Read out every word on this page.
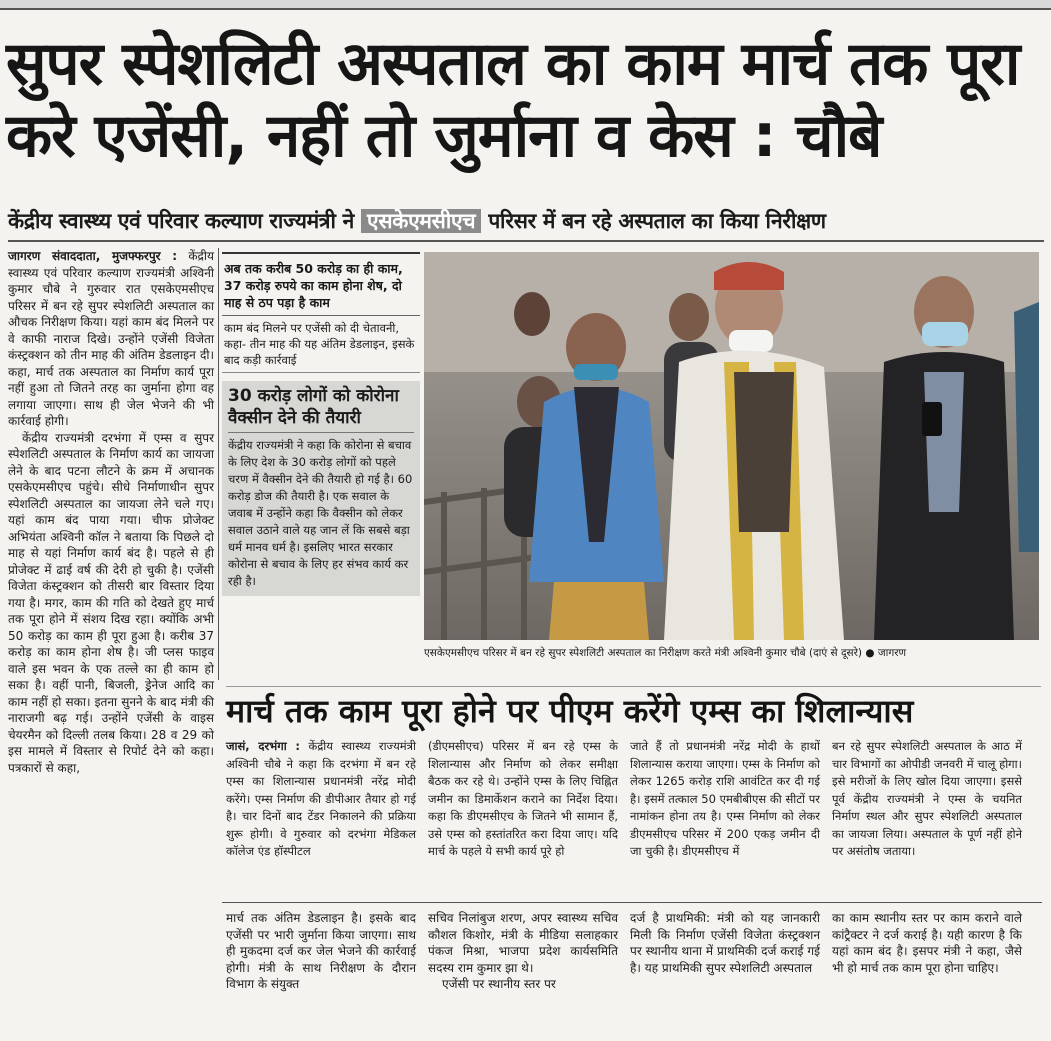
सुपर स्पेशलिटी अस्पताल का काम मार्च तक पूरा करे एजेंसी, नहीं तो जुर्माना व केस : चौबे
केंद्रीय स्वास्थ्य एवं परिवार कल्याण राज्यमंत्री ने एसकेएमसीएच परिसर में बन रहे अस्पताल का किया निरीक्षण

जागरण संवाददाता, मुजफ्फरपुर : केंद्रीय स्वास्थ्य एवं परिवार कल्याण राज्यमंत्री अश्विनी कुमार चौबे ने गुरुवार रात एसकेएमसीएच परिसर में बन रहे सुपर स्पेशलिटी अस्पताल का औचक निरीक्षण किया। यहां काम बंद मिलने पर वे काफी नाराज दिखे। उन्होंने एजेंसी विजेता कंस्ट्रक्शन को तीन माह की अंतिम डेडलाइन दी। कहा, मार्च तक अस्पताल का निर्माण कार्य पूरा नहीं हुआ तो जितने तरह का जुर्माना होगा वह लगाया जाएगा। साथ ही जेल भेजने की भी कार्रवाई होगी।

केंद्रीय राज्यमंत्री दरभंगा में एम्स व सुपर स्पेशलिटी अस्पताल के निर्माण कार्य का जायजा लेने के बाद पटना लौटने के क्रम में अचानक एसकेएमसीएच पहुंचे। सीधे निर्माणाधीन सुपर स्पेशलिटी अस्पताल का जायजा लेने चले गए। यहां काम बंद पाया गया। चीफ प्रोजेक्ट अभियंता अश्विनी कॉल ने बताया कि पिछले दो माह से यहां निर्माण कार्य बंद है। पहले से ही प्रोजेक्ट में ढाई वर्ष की देरी हो चुकी है। एजेंसी विजेता कंस्ट्रक्शन को तीसरी बार विस्तार दिया गया है। मगर, काम की गति को देखते हुए मार्च तक पूरा होने में संशय दिख रहा। क्योंकि अभी 50 करोड़ का काम ही पूरा हुआ है। करीब 37 करोड़ का काम होना शेष है। जी प्लस फाइव वाले इस भवन के एक तल्ले का ही काम हो सका है। वहीं पानी, बिजली, ड्रेनेज आदि का काम नहीं हो सका। इतना सुनने के बाद मंत्री की नाराजगी बढ़ गई। उन्होंने एजेंसी के वाइस चेयरमैन को दिल्ली तलब किया। 28 व 29 को इस मामले में विस्तार से रिपोर्ट देने को कहा। पत्रकारों से कहा,

अब तक करीब 50 करोड़ का ही काम, 37 करोड़ रुपये का काम होना शेष, दो माह से ठप पड़ा है काम
काम बंद मिलने पर एजेंसी को दी चेतावनी, कहा- तीन माह की यह अंतिम डेडलाइन, इसके बाद कड़ी कार्रवाई
30 करोड़ लोगों को कोरोना वैक्सीन देने की तैयारी

केंद्रीय राज्यमंत्री ने कहा कि कोरोना से बचाव के लिए देश के 30 करोड़ लोगों को पहले चरण में वैक्सीन देने की तैयारी हो गई है। 60 करोड़ डोज की तैयारी है। एक सवाल के जवाब में उन्होंने कहा कि वैक्सीन को लेकर सवाल उठाने वाले यह जान लें कि सबसे बड़ा धर्म मानव धर्म है। इसलिए भारत सरकार कोरोना से बचाव के लिए हर संभव कार्य कर रही है।

एसकेएमसीएच परिसर में बन रहे सुपर स्पेशलिटी अस्पताल का निरीक्षण करते मंत्री अश्विनी कुमार चौबे (दाएं से दूसरे) ● जागरण
मार्च तक काम पूरा होने पर पीएम करेंगे एम्स का शिलान्यास

जासं, दरभंगा : केंद्रीय स्वास्थ्य राज्यमंत्री अश्विनी चौबे ने कहा कि दरभंगा में बन रहे एम्स का शिलान्यास प्रधानमंत्री नरेंद्र मोदी करेंगे। एम्स निर्माण की डीपीआर तैयार हो गई है। चार दिनों बाद टेंडर निकालने की प्रक्रिया शुरू होगी। वे गुरुवार को दरभंगा मेडिकल कॉलेज एंड हॉस्पीटल

(डीएमसीएच) परिसर में बन रहे एम्स के शिलान्यास और निर्माण को लेकर समीक्षा बैठक कर रहे थे। उन्होंने एम्स के लिए चिह्नित जमीन का डिमार्केशन कराने का निर्देश दिया। कहा कि डीएमसीएच के जितने भी सामान हैं, उसे एम्स को हस्तांतरित करा दिया जाए। यदि मार्च के पहले ये सभी कार्य पूरे हो
जाते हैं तो प्रधानमंत्री नरेंद्र मोदी के हाथों शिलान्यास कराया जाएगा। एम्स के निर्माण को लेकर 1265 करोड़ राशि आवंटित कर दी गई है। इसमें तत्काल 50 एमबीबीएस की सीटों पर नामांकन होना तय है। एम्स निर्माण को लेकर डीएमसीएच परिसर में 200 एकड़ जमीन दी जा चुकी है। डीएमसीएच में
बन रहे सुपर स्पेशलिटी अस्पताल के आठ में चार विभागों का ओपीडी जनवरी में चालू होगा। इसे मरीजों के लिए खोल दिया जाएगा। इससे पूर्व केंद्रीय राज्यमंत्री ने एम्स के चयनित निर्माण स्थल और सुपर स्पेशलिटी अस्पताल का जायजा लिया। अस्पताल के पूर्ण नहीं होने पर असंतोष जताया।
मार्च तक अंतिम डेडलाइन है। इसके बाद एजेंसी पर भारी जुर्माना किया जाएगा। साथ ही मुकदमा दर्ज कर जेल भेजने की कार्रवाई होगी। मंत्री के साथ निरीक्षण के दौरान विभाग के संयुक्त

सचिव निलांबुज शरण, अपर स्वास्थ्य सचिव कौशल किशोर, मंत्री के मीडिया सलाहकार पंकज मिश्रा, भाजपा प्रदेश कार्यसमिति सदस्य राम कुमार झा थे।

एजेंसी पर स्थानीय स्तर पर

दर्ज है प्राथमिकी: मंत्री को यह जानकारी मिली कि निर्माण एजेंसी विजेता कंस्ट्रक्शन पर स्थानीय थाना में प्राथमिकी दर्ज कराई गई है। यह प्राथमिकी सुपर स्पेशलिटी अस्पताल
का काम स्थानीय स्तर पर काम कराने वाले कांट्रैक्टर ने दर्ज कराई है। यही कारण है कि यहां काम बंद है। इसपर मंत्री ने कहा, जैसे भी हो मार्च तक काम पूरा होना चाहिए।
